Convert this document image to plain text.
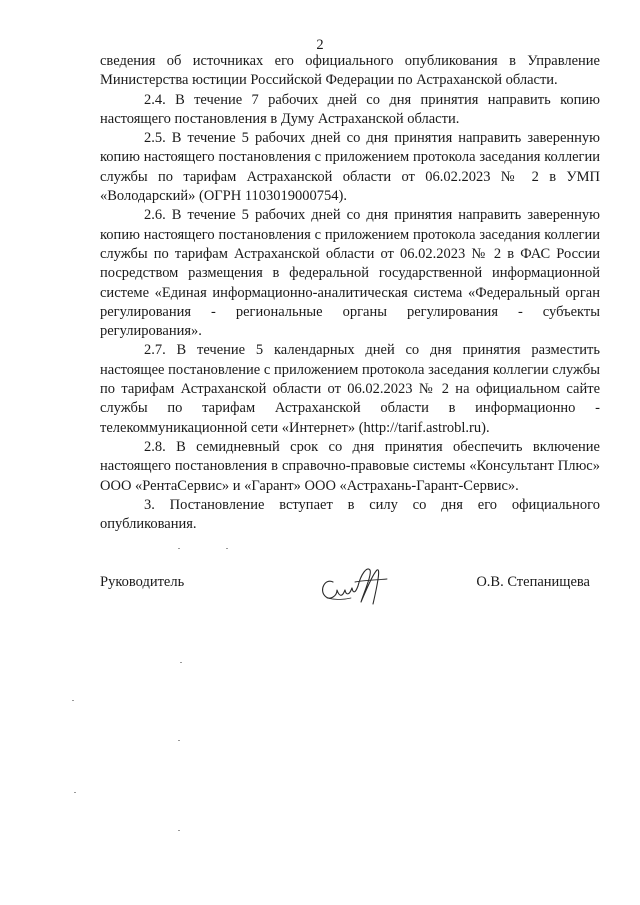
2

сведения об источниках его официального опубликования в Управление Министерства юстиции Российской Федерации по Астраханской области.

2.4. В течение 7 рабочих дней со дня принятия направить копию настоящего постановления в Думу Астраханской области.

2.5. В течение 5 рабочих дней со дня принятия направить заверенную копию настоящего постановления с приложением протокола заседания коллегии службы по тарифам Астраханской области от 06.02.2023 № 2 в УМП «Володарский» (ОГРН 1103019000754).

2.6. В течение 5 рабочих дней со дня принятия направить заверенную копию настоящего постановления с приложением протокола заседания коллегии службы по тарифам Астраханской области от 06.02.2023 № 2 в ФАС России посредством размещения в федеральной государственной информационной системе «Единая информационно-аналитическая система «Федеральный орган регулирования - региональные органы регулирования - субъекты регулирования».

2.7. В течение 5 календарных дней со дня принятия разместить настоящее постановление с приложением протокола заседания коллегии службы по тарифам Астраханской области от 06.02.2023 № 2 на официальном сайте службы по тарифам Астраханской области в информационно - телекоммуникационной сети «Интернет» (http://tarif.astrobl.ru).

2.8. В семидневный срок со дня принятия обеспечить включение настоящего постановления в справочно-правовые системы «Консультант Плюс» ООО «РентаСервис» и «Гарант» ООО «Астрахань-Гарант-Сервис».

3. Постановление вступает в силу со дня его официального опубликования.

Руководитель	О.В. Степанищева
